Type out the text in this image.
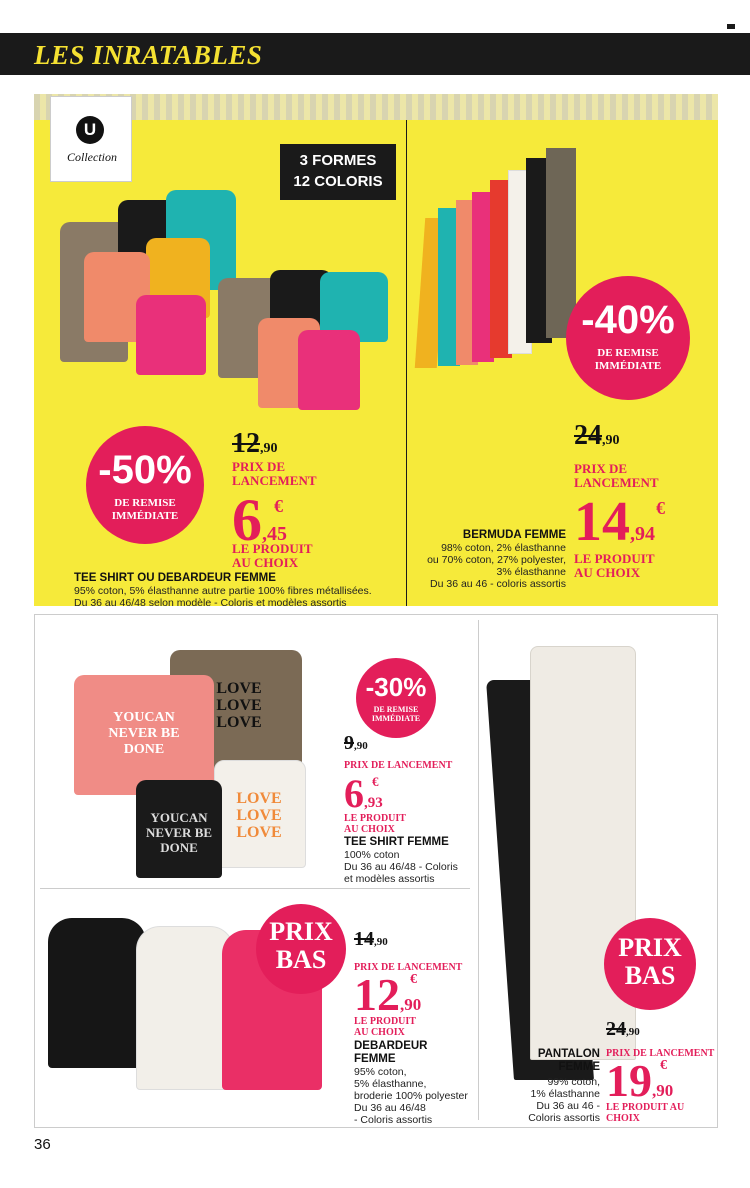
LES INRATABLES
U
Collection	3 FORMES
12 COLORIS
-50%
DE REMISE IMMÉDIATE
12,90
PRIX DE LANCEMENT
6 €
,45
LE PRODUIT AU CHOIX
TEE SHIRT OU DEBARDEUR FEMME
95% coton, 5% élasthanne autre partie 100% fibres métallisées.
Du 36 au 46/48 selon modèle - Coloris et modèles assortis
-40%
DE REMISE IMMÉDIATE
24,90
PRIX DE LANCEMENT
14 €
,94
LE PRODUIT AU CHOIX
BERMUDA FEMME
98% coton, 2% élasthanne
ou 70% coton, 27% polyester,
3% élasthanne
Du 36 au 46 - coloris assortis
LOVE LOVE LOVE
YOUCAN NEVER BE DONE
LOVE LOVE LOVE
YOUCAN NEVER BE DONE
-30%
DE REMISE IMMÉDIATE
9,90
PRIX DE LANCEMENT
6 €
,93
LE PRODUIT AU CHOIX
TEE SHIRT FEMME
100% coton
Du 36 au 46/48 - Coloris
et modèles assortis
PRIX
BAS
14,90
PRIX DE LANCEMENT
12 €
,90
LE PRODUIT AU CHOIX
DEBARDEUR
FEMME
95% coton,
5% élasthanne,
broderie 100% polyester
Du 36 au 46/48
- Coloris assortis
PRIX
BAS
24,90
PRIX DE LANCEMENT
19 €
,90
LE PRODUIT AU CHOIX
PANTALON
FEMME
99% coton,
1% élasthanne
Du 36 au 46 -
Coloris assortis
36
